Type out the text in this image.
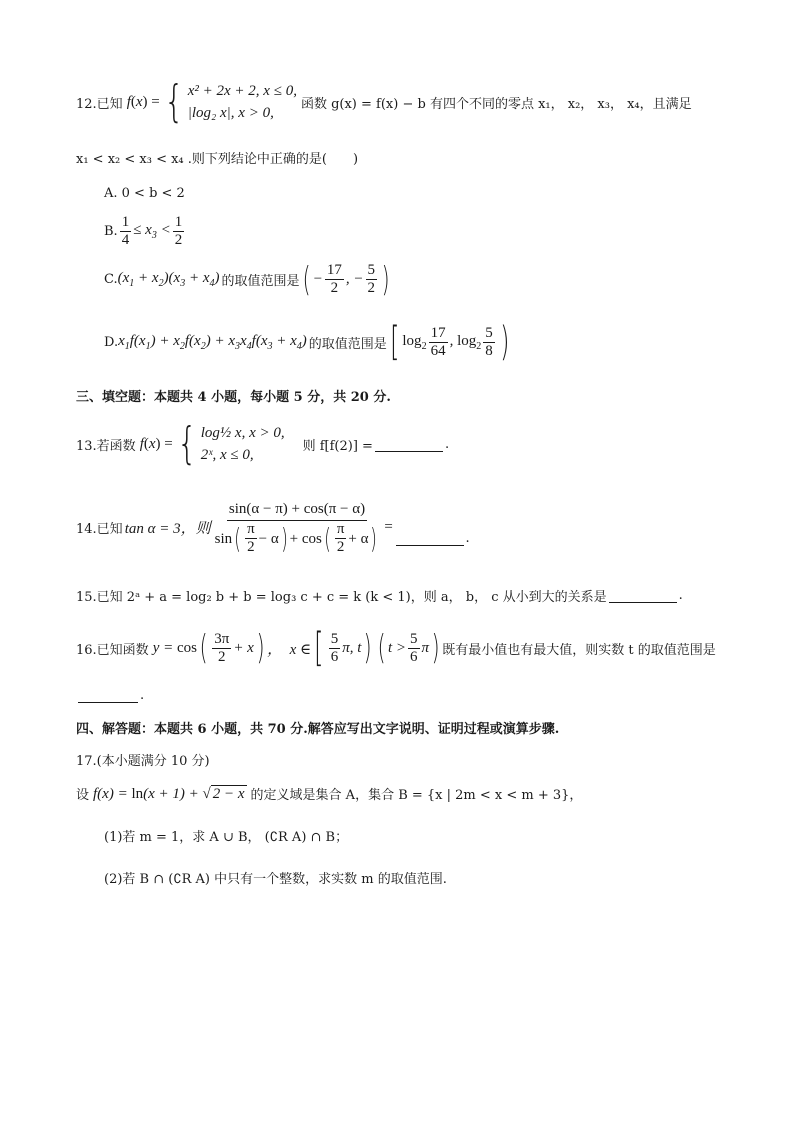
12.已知 f(x) = { x² + 2x + 2, x ≤ 0,
|log₂ x|, x > 0,
函数 g(x) = f(x) − b 有四个不同的零点 x₁， x₂， x₃， x₄，且满足
x₁ < x₂ < x₃ < x₄ .则下列结论中正确的是(　　)
A. 0 < b < 2
B. $\frac{1}{4} \le x_3 < \frac{1}{2}$
C. $(x_1 + x_2)(x_3 + x_4)$ 的取值范围是 ( − $\frac{17}{2}$ , − $\frac{5}{2}$ )
D. $x_1f(x_1) + x_2f(x_2) + x_3x_4f(x_3 + x_4)$ 的取值范围是 [ $\log_2 \frac{17}{64}$ , $\log_2 \frac{5}{8}$ )
三、填空题：本题共 4 小题，每小题 5 分，共 20 分.
13.若函数 f(x) = { log½ x, x > 0,
2ˣ, x ≤ 0,
则 f[f(2)] =	.
14.已知 tan α = 3，则
sin(α − π) + cos(π − α)
sin ( $\frac{\pi}{2} - \alpha$ ) + cos ( $\frac{\pi}{2} + \alpha$ ) =
.
15.已知 2ᵃ + a = log₂ b + b = log₃ c + c = k (k < 1)，则 a， b， c 从小到大的关系是	.
16.已知函数 y = cos ( $\frac{3\pi}{2} + x$ ) ，　x ∈ [ $\frac{5}{6} \pi$, t ) ( $t > \frac{5}{6}$ π ) 既有最小值也有最大值，则实数 t 的取值范围是
.
四、解答题：本题共 6 小题，共 70 分.解答应写出文字说明、证明过程或演算步骤.
17.(本小题满分 10 分)
设 f(x) = ln(x + 1) + √ 2 − x 的定义域是集合 A，集合 B = {x | 2m < x < m + 3}，
(1)若 m = 1，求 A ∪ B， (∁R A) ∩ B；
(2)若 B ∩ (∁R A) 中只有一个整数，求实数 m 的取值范围.
